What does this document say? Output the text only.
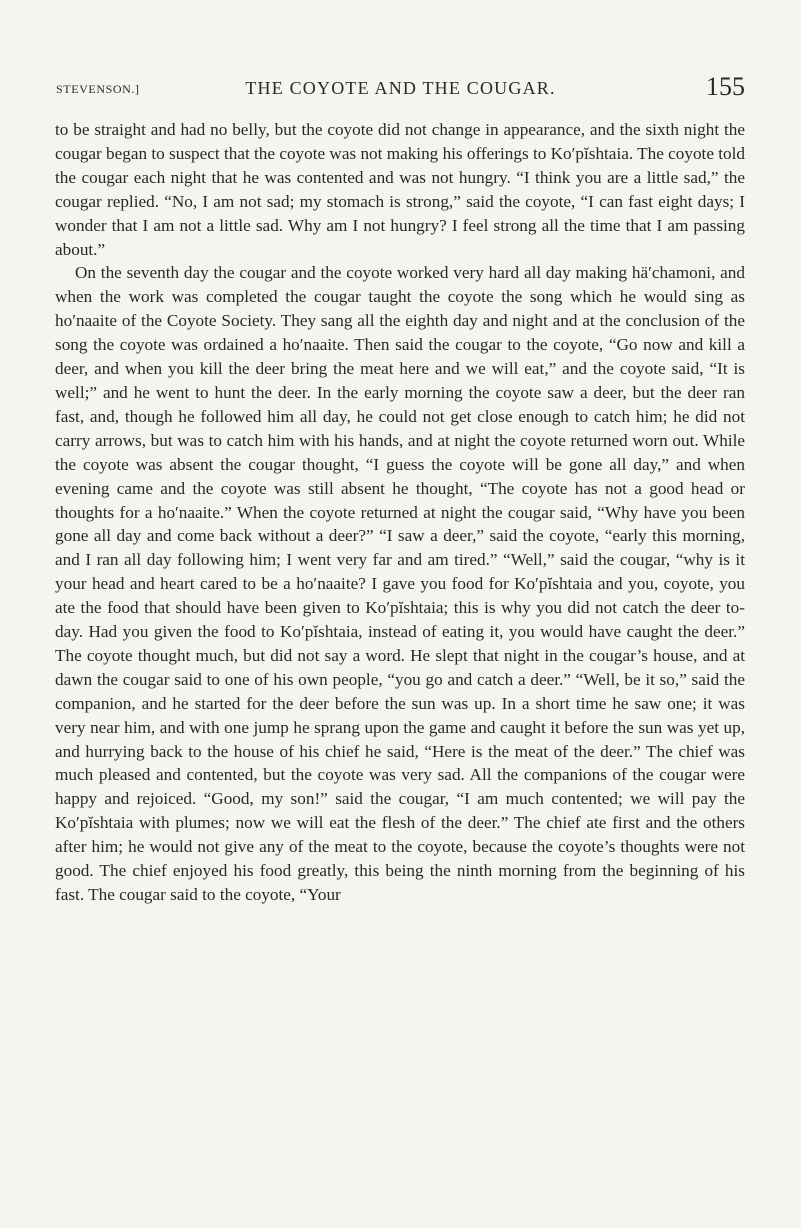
STEVENSON.]	THE COYOTE AND THE COUGAR.	155

to be straight and had no belly, but the coyote did not change in appearance, and the sixth night the cougar began to suspect that the coyote was not making his offerings to Ko′pĭshtaia. The coyote told the cougar each night that he was contented and was not hungry. “I think you are a little sad,” the cougar replied. “No, I am not sad; my stomach is strong,” said the coyote, “I can fast eight days; I wonder that I am not a little sad. Why am I not hungry? I feel strong all the time that I am passing about.”

On the seventh day the cougar and the coyote worked very hard all day making hä′chamoni, and when the work was completed the cougar taught the coyote the song which he would sing as ho′naaite of the Coyote Society. They sang all the eighth day and night and at the conclusion of the song the coyote was ordained a ho′naaite. Then said the cougar to the coyote, “Go now and kill a deer, and when you kill the deer bring the meat here and we will eat,” and the coyote said, “It is well;” and he went to hunt the deer. In the early morning the coyote saw a deer, but the deer ran fast, and, though he followed him all day, he could not get close enough to catch him; he did not carry arrows, but was to catch him with his hands, and at night the coyote returned worn out. While the coyote was absent the cougar thought, “I guess the coyote will be gone all day,” and when evening came and the coyote was still absent he thought, “The coyote has not a good head or thoughts for a ho′naaite.” When the coyote returned at night the cougar said, “Why have you been gone all day and come back without a deer?” “I saw a deer,” said the coyote, “early this morning, and I ran all day following him; I went very far and am tired.” “Well,” said the cougar, “why is it your head and heart cared to be a ho′naaite? I gave you food for Ko′pĭshtaia and you, coyote, you ate the food that should have been given to Ko′pĭshtaia; this is why you did not catch the deer to-day. Had you given the food to Ko′pĭshtaia, instead of eating it, you would have caught the deer.” The coyote thought much, but did not say a word. He slept that night in the cougar’s house, and at dawn the cougar said to one of his own people, “you go and catch a deer.” “Well, be it so,” said the companion, and he started for the deer before the sun was up. In a short time he saw one; it was very near him, and with one jump he sprang upon the game and caught it before the sun was yet up, and hurrying back to the house of his chief he said, “Here is the meat of the deer.” The chief was much pleased and contented, but the coyote was very sad. All the companions of the cougar were happy and rejoiced. “Good, my son!” said the cougar, “I am much contented; we will pay the Ko′pĭshtaia with plumes; now we will eat the flesh of the deer.” The chief ate first and the others after him; he would not give any of the meat to the coyote, because the coyote’s thoughts were not good. The chief enjoyed his food greatly, this being the ninth morning from the beginning of his fast. The cougar said to the coyote, “Your
